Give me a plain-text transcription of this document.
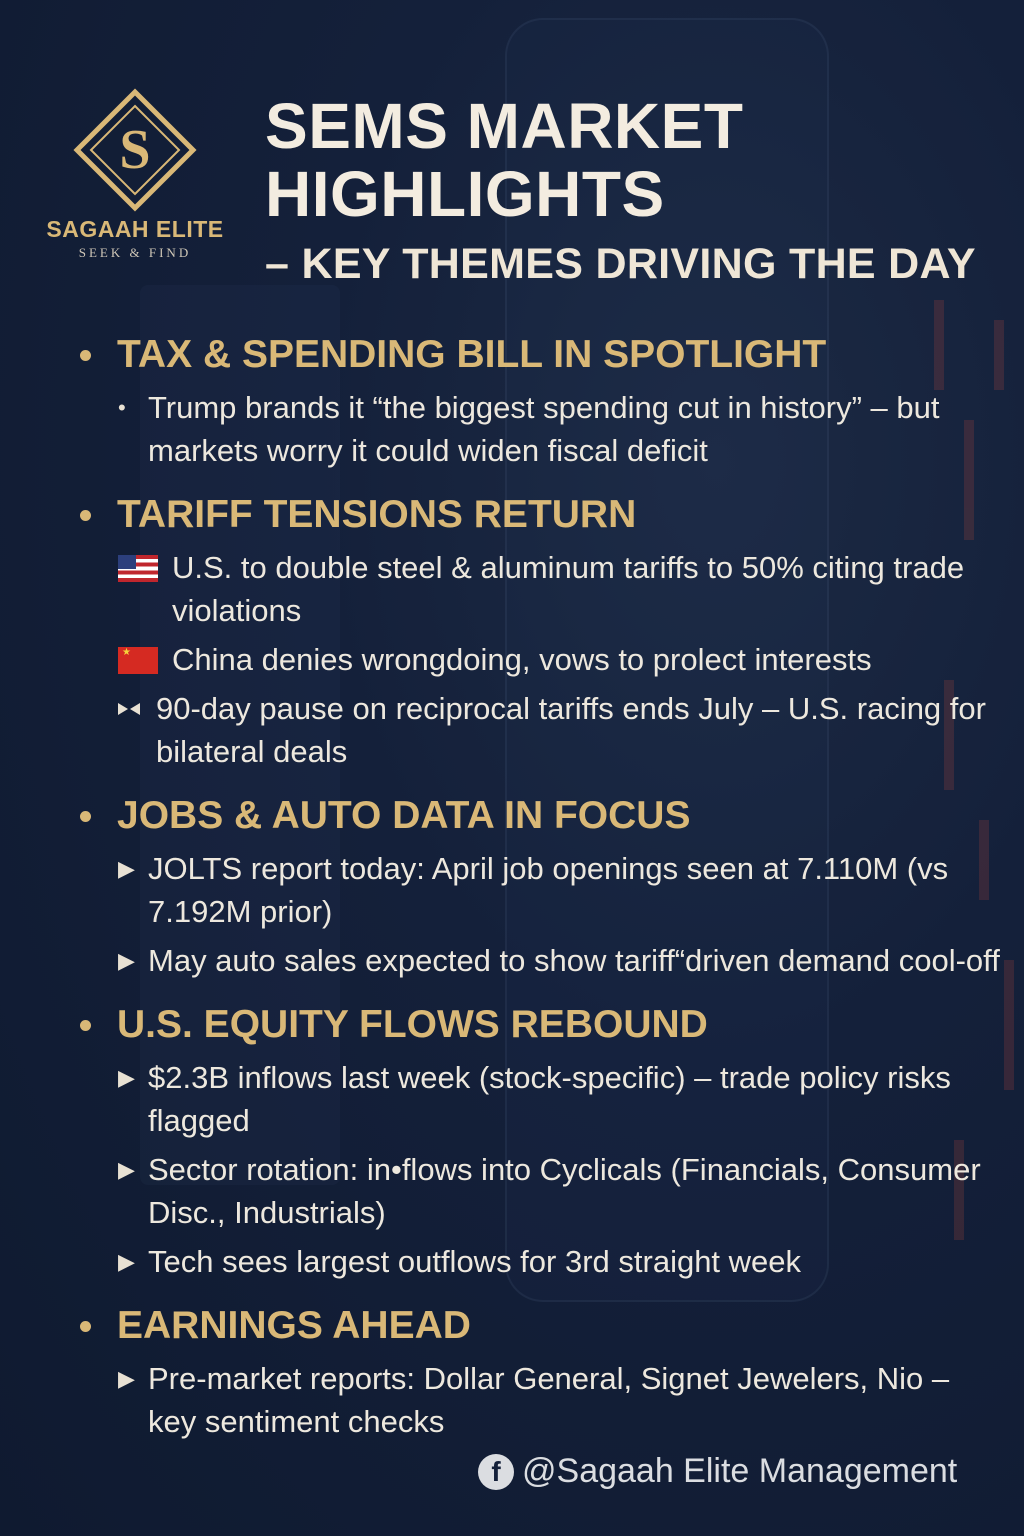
S
SAGAAH ELITE
SEEK & FIND
SEMS MARKET
HIGHLIGHTS
– KEY THEMES DRIVING THE DAY
TAX & SPENDING BILL IN SPOTLIGHT
• Trump brands it “the biggest spending cut in history” – but markets worry it could widen fiscal deficit
TARIFF TENSIONS RETURN
U.S. to double steel & aluminum tariffs to 50% citing trade violations
★
China denies wrongdoing, vows to prolect interests
90-day pause on reciprocal tariffs ends July – U.S. racing for bilateral deals
JOBS & AUTO DATA IN FOCUS
▶ JOLTS report today: April job openings seen at 7.110M (vs 7.192M prior)
▶ May auto sales expected to show tariff“driven demand cool-off
U.S. EQUITY FLOWS REBOUND
▶ $2.3B inflows last week (stock-specific) – trade policy risks flagged
▶ Sector rotation: in•flows into Cyclicals (Financials, Consumer Disc., Industrials)
▶ Tech sees largest outflows for 3rd straight week
EARNINGS AHEAD
▶ Pre-market reports: Dollar General, Signet Jewelers, Nio – key sentiment checks
f @Sagaah Elite Management
